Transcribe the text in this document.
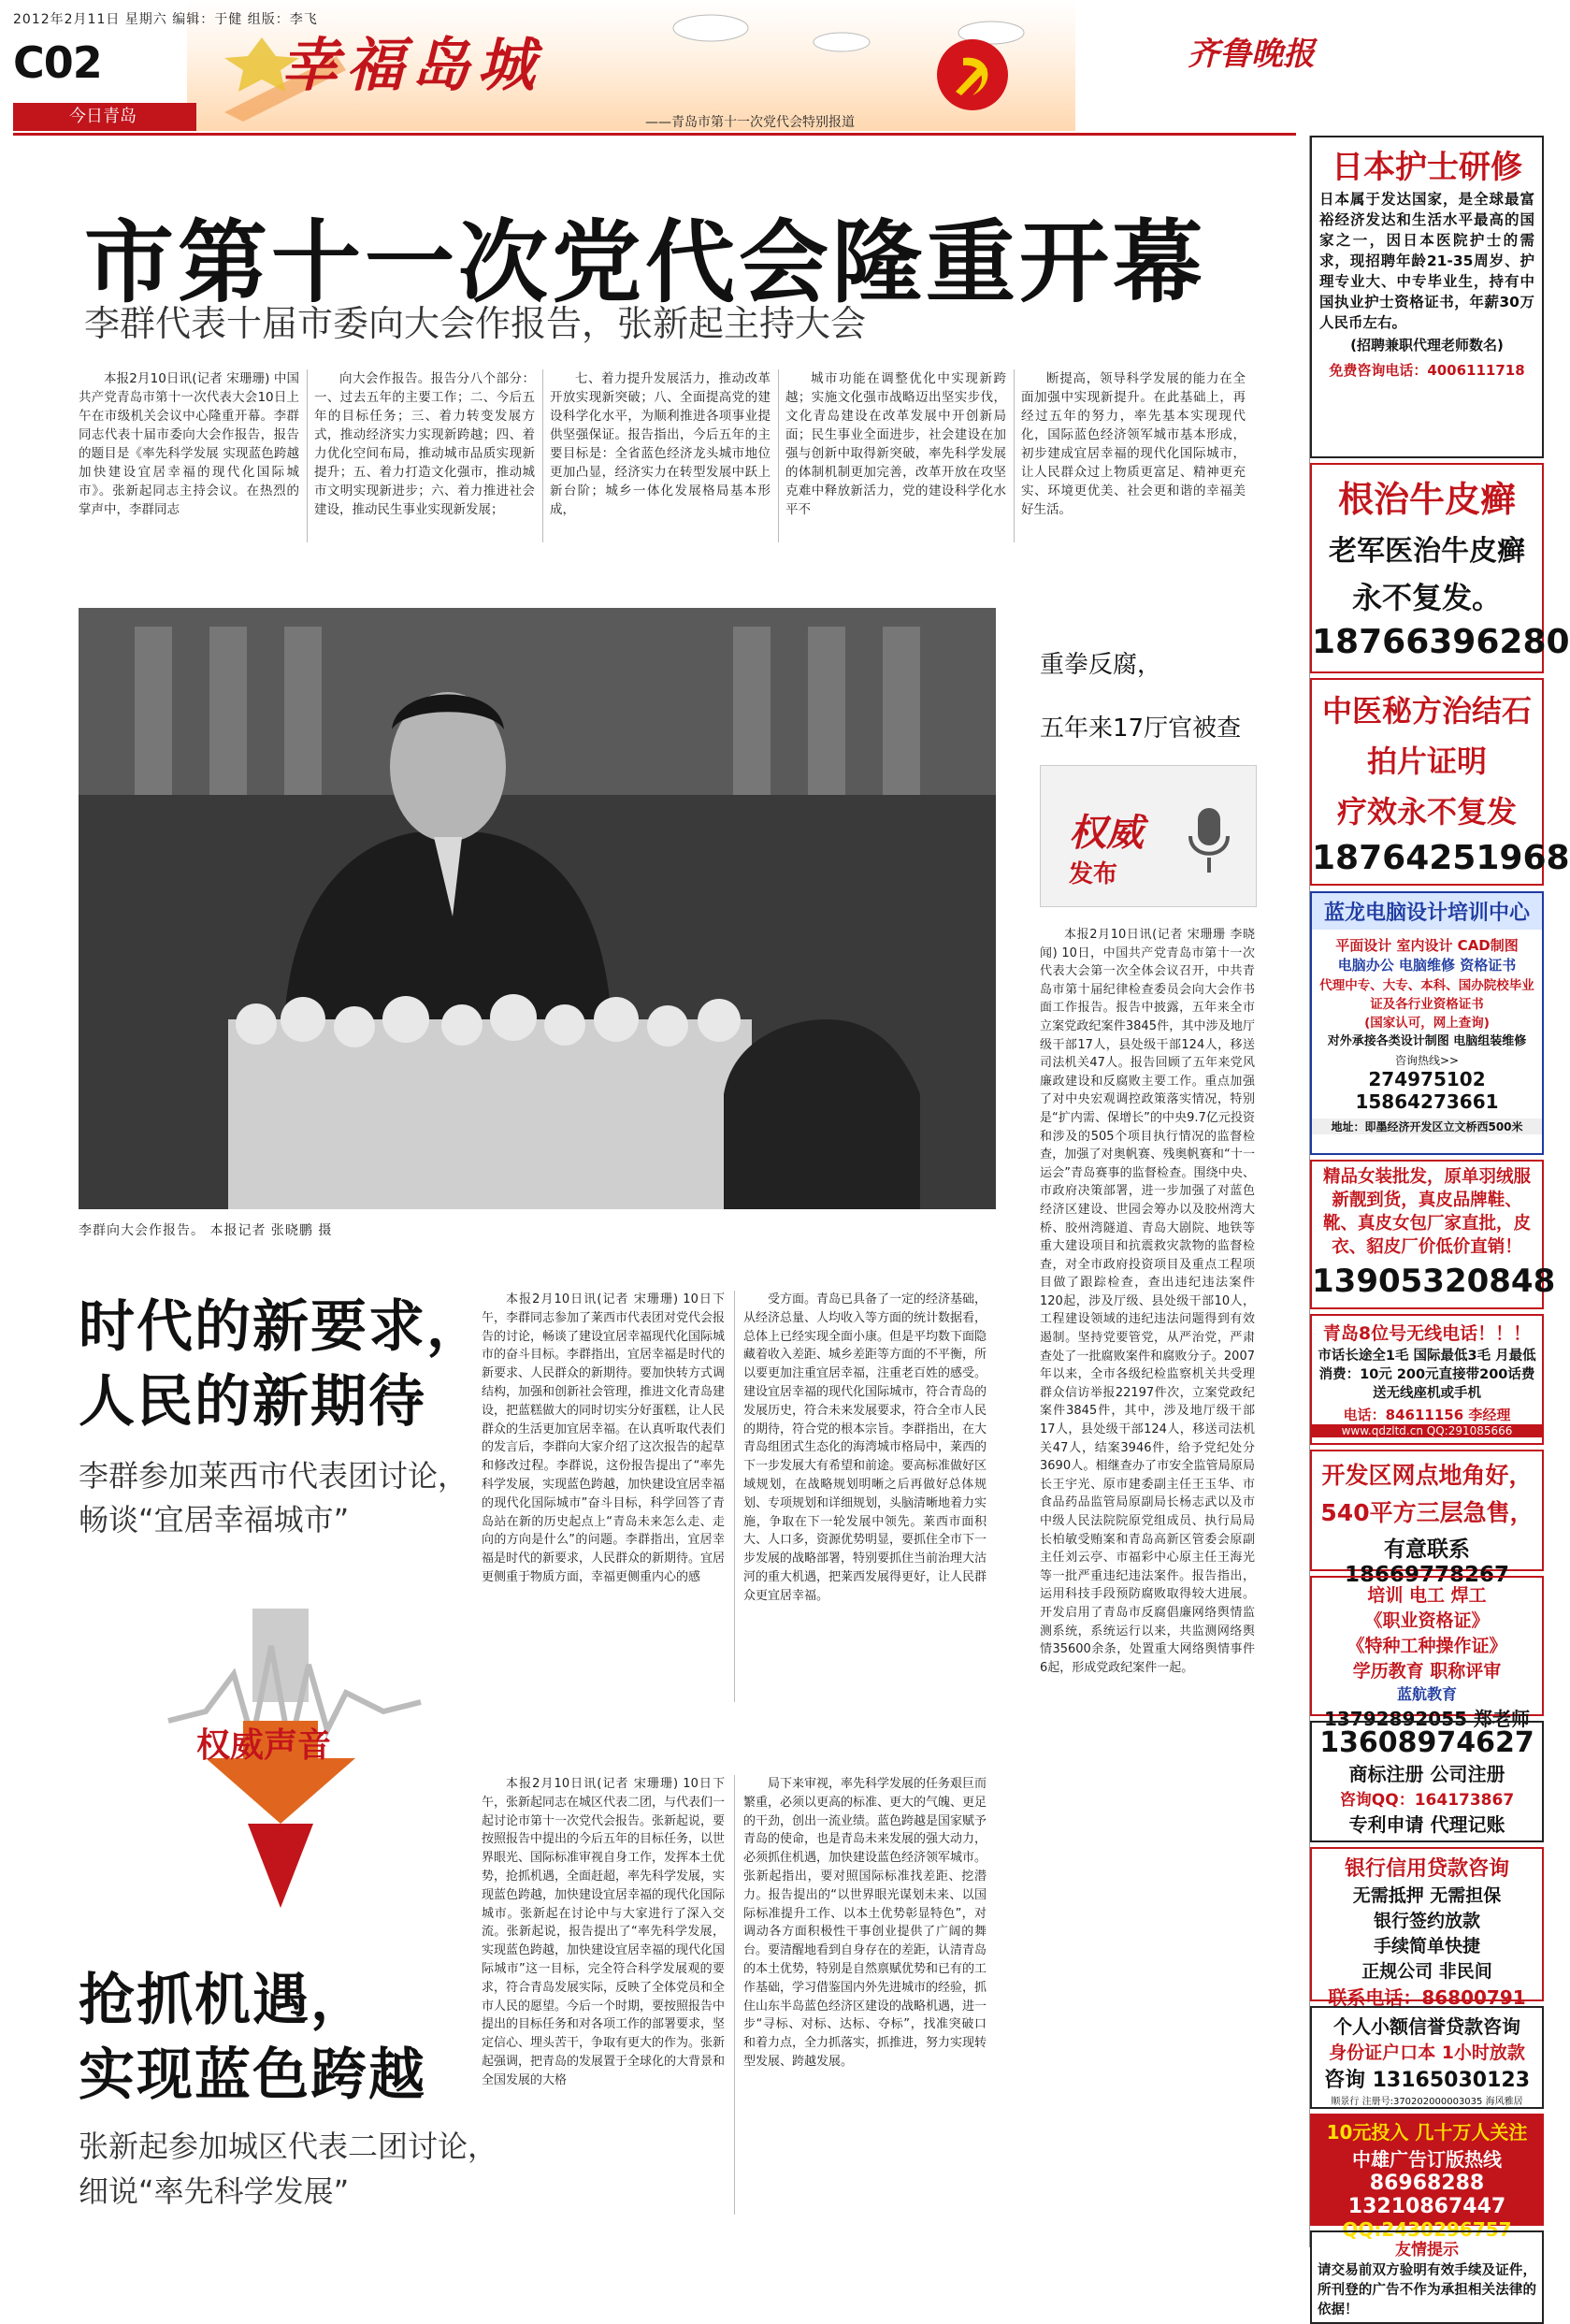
2012年2月11日 星期六 编辑：于健 组版：李飞
C02
今日青岛
幸福岛城
——青岛市第十一次党代会特别报道
齐鲁晚报
市第十一次党代会隆重开幕
李群代表十届市委向大会作报告，张新起主持大会
本报2月10日讯(记者 宋珊珊) 中国共产党青岛市第十一次代表大会10日上午在市级机关会议中心隆重开幕。李群同志代表十届市委向大会作报告，报告的题目是《率先科学发展 实现蓝色跨越 加快建设宜居幸福的现代化国际城市》。张新起同志主持会议。在热烈的掌声中，李群同志
向大会作报告。报告分八个部分：一、过去五年的主要工作；二、今后五年的目标任务；三、着力转变发展方式，推动经济实力实现新跨越；四、着力优化空间布局，推动城市品质实现新提升；五、着力打造文化强市，推动城市文明实现新进步；六、着力推进社会建设，推动民生事业实现新发展；
七、着力提升发展活力，推动改革开放实现新突破；八、全面提高党的建设科学化水平，为顺利推进各项事业提供坚强保证。报告指出，今后五年的主要目标是：全省蓝色经济龙头城市地位更加凸显，经济实力在转型发展中跃上新台阶；城乡一体化发展格局基本形成，
城市功能在调整优化中实现新跨越；实施文化强市战略迈出坚实步伐，文化青岛建设在改革发展中开创新局面；民生事业全面进步，社会建设在加强与创新中取得新突破，率先科学发展的体制机制更加完善，改革开放在攻坚克难中释放新活力，党的建设科学化水平不
断提高，领导科学发展的能力在全面加强中实现新提升。在此基础上，再经过五年的努力，率先基本实现现代化，国际蓝色经济领军城市基本形成，初步建成宜居幸福的现代化国际城市，让人民群众过上物质更富足、精神更充实、环境更优美、社会更和谐的幸福美好生活。
李群向大会作报告。 本报记者 张晓鹏 摄
重拳反腐，
五年来17厅官被查
权威
发布
本报2月10日讯(记者 宋珊珊 李晓闻) 10日，中国共产党青岛市第十一次代表大会第一次全体会议召开，中共青岛市第十届纪律检查委员会向大会作书面工作报告。报告中披露，五年来全市立案党政纪案件3845件，其中涉及地厅级干部17人，县处级干部124人，移送司法机关47人。报告回顾了五年来党风廉政建设和反腐败主要工作。重点加强了对中央宏观调控政策落实情况，特别是“扩内需、保增长”的中央9.7亿元投资和涉及的505个项目执行情况的监督检查，加强了对奥帆赛、残奥帆赛和“十一运会”青岛赛事的监督检查。围绕中央、市政府决策部署，进一步加强了对蓝色经济区建设、世园会筹办以及胶州湾大桥、胶州湾隧道、青岛大剧院、地铁等重大建设项目和抗震救灾款物的监督检查，对全市政府投资项目及重点工程项目做了跟踪检查，查出违纪违法案件120起，涉及厅级、县处级干部10人，工程建设领域的违纪违法问题得到有效遏制。坚持党要管党，从严治党，严肃查处了一批腐败案件和腐败分子。2007年以来，全市各级纪检监察机关共受理群众信访举报22197件次，立案党政纪案件3845件，其中，涉及地厅级干部17人，县处级干部124人，移送司法机关47人，结案3946件，给予党纪处分3690人。相继查办了市安全监管局原局长王宇光、原市建委副主任王玉华、市食品药品监管局原副局长杨志武以及市中级人民法院院原党组成员、执行局局长柏敏受贿案和青岛高新区管委会原副主任刘云亭、市福彩中心原主任王海光等一批严重违纪违法案件。报告指出，运用科技手段预防腐败取得较大进展。开发启用了青岛市反腐倡廉网络舆情监测系统，系统运行以来，共监测网络舆情35600余条，处置重大网络舆情事件6起，形成党政纪案件一起。
时代的新要求，
人民的新期待
李群参加莱西市代表团讨论，
畅谈“宜居幸福城市”
权威声音
本报2月10日讯(记者 宋珊珊) 10日下午，李群同志参加了莱西市代表团对党代会报告的讨论，畅谈了建设宜居幸福现代化国际城市的奋斗目标。李群指出，宜居幸福是时代的新要求、人民群众的新期待。要加快转方式调结构，加强和创新社会管理，推进文化青岛建设，把蓝糕做大的同时切实分好蛋糕，让人民群众的生活更加宜居幸福。在认真听取代表们的发言后，李群向大家介绍了这次报告的起草和修改过程。李群说，这份报告提出了“率先科学发展，实现蓝色跨越，加快建设宜居幸福的现代化国际城市”奋斗目标，科学回答了青岛站在新的历史起点上“青岛未来怎么走、走向的方向是什么”的问题。李群指出，宜居幸福是时代的新要求，人民群众的新期待。宜居更侧重于物质方面，幸福更侧重内心的感
受方面。青岛已具备了一定的经济基础，从经济总量、人均收入等方面的统计数据看，总体上已经实现全面小康。但是平均数下面隐藏着收入差距、城乡差距等方面的不平衡，所以要更加注重宜居幸福，注重老百姓的感受。建设宜居幸福的现代化国际城市，符合青岛的发展历史，符合未来发展要求，符合全市人民的期待，符合党的根本宗旨。李群指出，在大青岛组团式生态化的海湾城市格局中，莱西的下一步发展大有希望和前途。要高标准做好区域规划，在战略规划明晰之后再做好总体规划、专项规划和详细规划，头脑清晰地着力实施，争取在下一轮发展中领先。莱西市面积大、人口多，资源优势明显，要抓住全市下一步发展的战略部署，特别要抓住当前治理大沽河的重大机遇，把莱西发展得更好，让人民群众更宜居幸福。
本报2月10日讯(记者 宋珊珊) 10日下午，张新起同志在城区代表二团，与代表们一起讨论市第十一次党代会报告。张新起说，要按照报告中提出的今后五年的目标任务，以世界眼光、国际标准审视自身工作，发挥本土优势，抢抓机遇，全面赶超，率先科学发展，实现蓝色跨越，加快建设宜居幸福的现代化国际城市。张新起在讨论中与大家进行了深入交流。张新起说，报告提出了“率先科学发展，实现蓝色跨越，加快建设宜居幸福的现代化国际城市”这一目标，完全符合科学发展观的要求，符合青岛发展实际，反映了全体党员和全市人民的愿望。今后一个时期，要按照报告中提出的目标任务和对各项工作的部署要求，坚定信心、埋头苦干，争取有更大的作为。张新起强调，把青岛的发展置于全球化的大背景和全国发展的大格
局下来审视，率先科学发展的任务艰巨而繁重，必须以更高的标准、更大的气魄、更足的干劲，创出一流业绩。蓝色跨越是国家赋予青岛的使命，也是青岛未来发展的强大动力，必须抓住机遇，加快建设蓝色经济领军城市。张新起指出，要对照国际标准找差距、挖潜力。报告提出的“以世界眼光谋划未来、以国际标准提升工作、以本土优势彰显特色”，对调动各方面积极性干事创业提供了广阔的舞台。要清醒地看到自身存在的差距，认清青岛的本土优势，特别是自然禀赋优势和已有的工作基础，学习借鉴国内外先进城市的经验，抓住山东半岛蓝色经济区建设的战略机遇，进一步“寻标、对标、达标、夺标”，找准突破口和着力点，全力抓落实，抓推进，努力实现转型发展、跨越发展。
抢抓机遇，
实现蓝色跨越
张新起参加城区代表二团讨论，
细说“率先科学发展”
日本护士研修
日本属于发达国家，是全球最富裕经济发达和生活水平最高的国家之一，因日本医院护士的需求，现招聘年龄21-35周岁、护理专业大、中专毕业生，持有中国执业护士资格证书，年薪30万人民币左右。
(招聘兼职代理老师数名)
免费咨询电话：4006111718
根治牛皮癣
老军医治牛皮癣
永不复发。
18766396280
中医秘方治结石
拍片证明
疗效永不复发
18764251968
蓝龙电脑设计培训中心
平面设计 室内设计 CAD制图
电脑办公 电脑维修 资格证书
代理中专、大专、本科、国办院校毕业证及各行业资格证书
(国家认可，网上查询)
对外承接各类设计制图 电脑组装维修
咨询热线>>
274975102
15864273661
地址：即墨经济开发区立文桥西500米
精品女装批发，原单羽绒服新靓到货，真皮品牌鞋、靴、真皮女包厂家直批，皮衣、貂皮厂价低价直销！
13905320848
青岛8位号无线电话！！！
市话长途全1毛 国际最低3毛 月最低消费：10元 200元直接带200话费 送无线座机或手机
电话：84611156 李经理
www.qdzltd.cn QQ:291085666
开发区网点地角好，
540平方三层急售，
有意联系18669778267
培训 电工 焊工
《职业资格证》
《特种工种操作证》
学历教育 职称评审
蓝航教育
13792892055 郑老师
13608974627
商标注册 公司注册
咨询QQ：164173867
专利申请 代理记账
银行信用贷款咨询
无需抵押 无需担保
银行签约放款
手续简单快捷
正规公司 非民间
联系电话：86800791
个人小额信誉贷款咨询
身份证户口本 1小时放款
咨询 13165030123
顺景行 注册号:370202000003035 海风雅居
10元投入 几十万人关注
中雄广告订版热线
86968288
13210867447
QQ:2430296757
友情提示
请交易前双方验明有效手续及证件，所刊登的广告不作为承担相关法律的依据！
